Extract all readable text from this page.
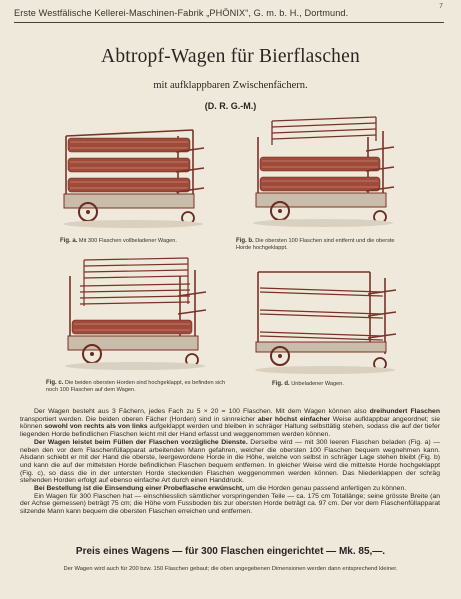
Erste Westfälische Kellerei-Maschinen-Fabrik „PHÖNIX“, G. m. b. H., Dortmund.
7
Abtropf-Wagen für Bierflaschen
mit aufklappbaren Zwischenfächern.
(D. R. G.-M.)
Fig. a. Mit 300 Flaschen vollbeladener Wagen.	Fig. b. Die obersten 100 Flaschen sind entfernt und die oberste Horde hochgeklappt.
Fig. c. Die beiden obersten Horden sind hochgeklappt, es befinden sich noch 100 Flaschen auf dem Wagen.
Fig. d. Unbeladener Wagen.

Der Wagen besteht aus 3 Fächern, jedes Fach zu 5 × 20 = 100 Flaschen. Mit dem Wagen können also dreihundert Flaschen transportiert werden. Die beiden oberen Fächer (Horden) sind in sinnreicher aber höchst einfacher Weise aufklappbar angeordnet; sie können sowohl von rechts als von links aufgeklappt werden und bleiben in schräger Haltung selbsttätig stehen, sodass die auf der tiefer liegenden Horde befindlichen Flaschen leicht mit der Hand erfasst und weggenommen werden können.

Der Wagen leistet beim Füllen der Flaschen vorzügliche Dienste. Derselbe wird — mit 300 leeren Flaschen beladen (Fig. a) — neben den vor dem Flaschenfüllapparat arbeitenden Mann gefahren, welcher die obersten 100 Flaschen bequem wegnehmen kann. Alsdann schiebt er mit der Hand die oberste, leergewordene Horde in die Höhe, welche von selbst in schräger Lage stehen bleibt (Fig. b) und kann die auf der mittelsten Horde befindlichen Flaschen bequem entfernen. In gleicher Weise wird die mittelste Horde hochgeklappt (Fig. c), so dass die in der untersten Horde steckenden Flaschen weggenommen werden können. Das Niederklappen der schräg stehenden Horden erfolgt auf ebenso einfache Art durch einen Handdruck.

Bei Bestellung ist die Einsendung einer Probeflasche erwünscht, um die Horden genau passend anfertigen zu können.

Ein Wagen für 300 Flaschen hat — einschliesslich sämtlicher vorspringenden Teile — ca. 175 cm Totallänge; seine grösste Breite (an der Achse gemessen) beträgt 75 cm; die Höhe vom Fussboden bis zur obersten Horde beträgt ca. 97 cm. Der vor dem Flaschenfüllapparat sitzende Mann kann bequem die obersten Flaschen erreichen und entfernen.

Preis eines Wagens — für 300 Flaschen eingerichtet — Mk. 85,—.
Der Wagen wird auch für 200 bzw. 150 Flaschen gebaut; die oben angegebenen Dimensionen werden dann entsprechend kleiner.
